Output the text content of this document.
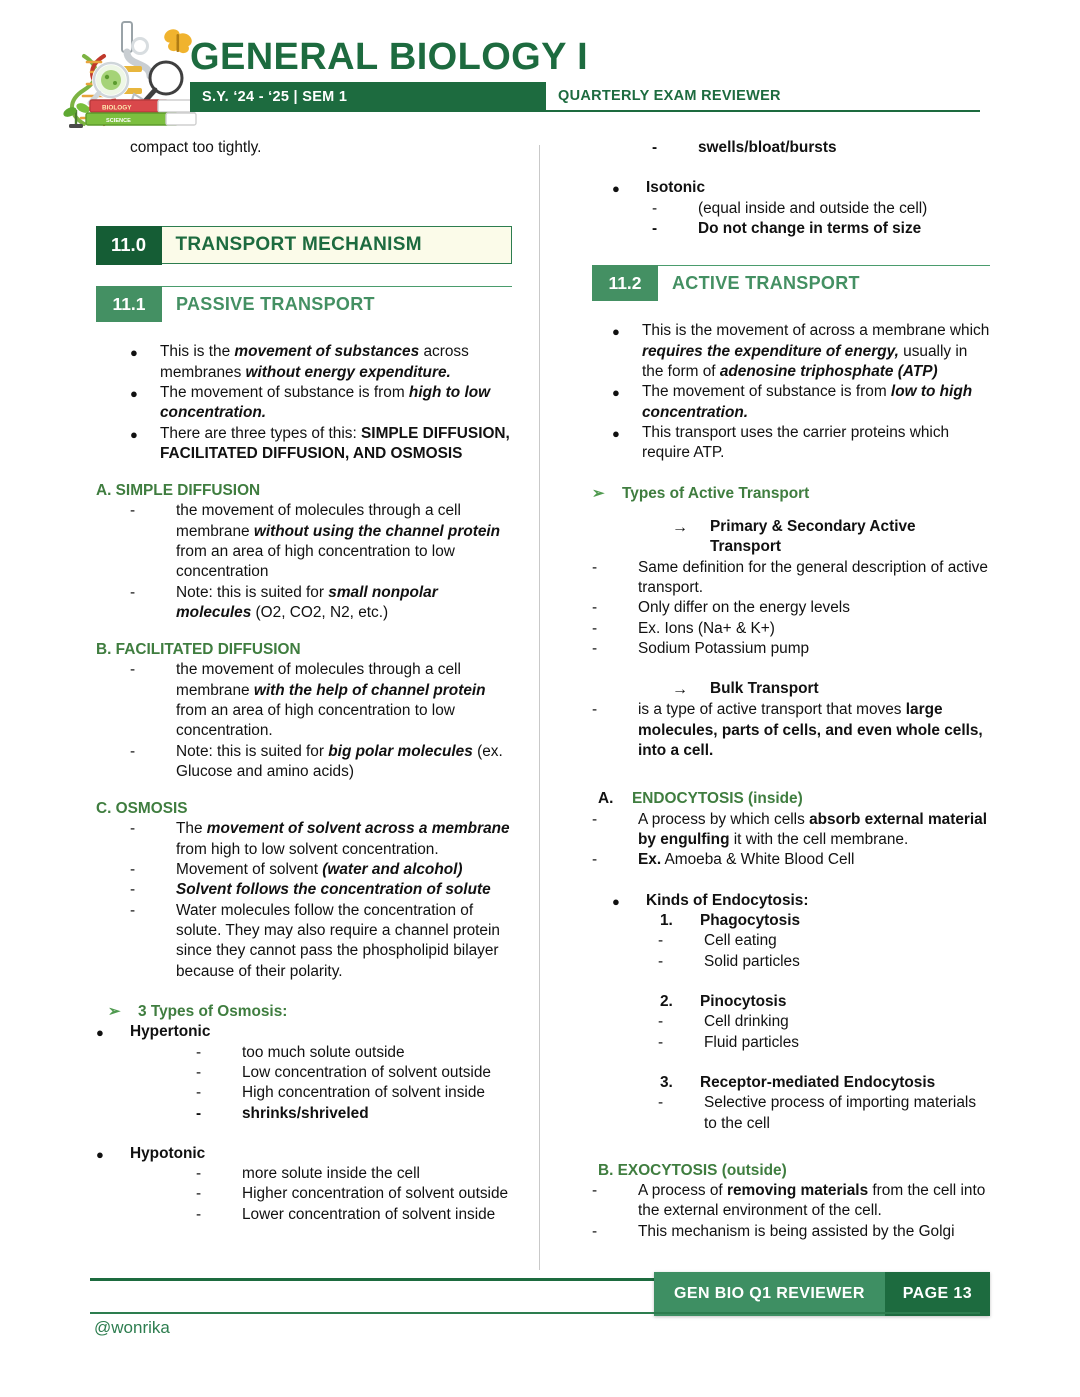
BIOLOGY
SCIENCE
GENERAL BIOLOGY I
S.Y. ‘24 - ‘25 | SEM 1	QUARTERLY EXAM REVIEWER
compact too tightly.
11.0	TRANSPORT MECHANISM
11.1	PASSIVE TRANSPORT
●	This is the movement of substances across membranes without energy expenditure.
●	The movement of substance is from high to low concentration.
●	There are three types of this: SIMPLE DIFFUSION, FACILITATED DIFFUSION, AND OSMOSIS
A. SIMPLE DIFFUSION
-	the movement of molecules through a cell membrane without using the channel protein from an area of high concentration to low concentration
-	Note: this is suited for small nonpolar molecules (O2, CO2, N2, etc.)
B. FACILITATED DIFFUSION
-	the movement of molecules through a cell membrane with the help of channel protein from an area of high concentration to low concentration.
-	Note: this is suited for big polar molecules (ex. Glucose and amino acids)
C. OSMOSIS
-	The movement of solvent across a membrane from high to low solvent concentration.
-	Movement of solvent (water and alcohol)
-	Solvent follows the concentration of solute
-	Water molecules follow the concentration of solute. They may also require a channel protein since they cannot pass the phospholipid bilayer because of their polarity.
➢	3 Types of Osmosis:
●	Hypertonic
-	too much solute outside
-	Low concentration of solvent outside
-	High concentration of solvent inside
-	shrinks/shriveled
●	Hypotonic
-	more solute inside the cell
-	Higher concentration of solvent outside
-	Lower concentration of solvent inside
-	swells/bloat/bursts
●	Isotonic
-	(equal inside and outside the cell)
-	Do not change in terms of size
11.2	ACTIVE TRANSPORT
●	This is the movement of across a membrane which requires the expenditure of energy, usually in the form of adenosine triphosphate (ATP)
●	The movement of substance is from low to high concentration.
●	This transport uses the carrier proteins which require ATP.
➢	Types of Active Transport
→	Primary & Secondary Active Transport
-	Same definition for the general description of active transport.
-	Only differ on the energy levels
-	Ex. Ions (Na+ & K+)
-	Sodium Potassium pump
→	Bulk Transport
-	is a type of active transport that moves large molecules, parts of cells, and even whole cells, into a cell.
A.	ENDOCYTOSIS (inside)
-	A process by which cells absorb external material by engulfing it with the cell membrane.
-	Ex. Amoeba & White Blood Cell
●	Kinds of Endocytosis:
1.	Phagocytosis
-	Cell eating
-	Solid particles
2.	Pinocytosis
-	Cell drinking
-	Fluid particles
3.	Receptor-mediated Endocytosis
-	Selective process of importing materials to the cell
B. EXOCYTOSIS (outside)
-	A process of removing materials from the cell into the external environment of the cell.
-	This mechanism is being assisted by the Golgi
GEN BIO Q1 REVIEWER	PAGE 13
@wonrika
